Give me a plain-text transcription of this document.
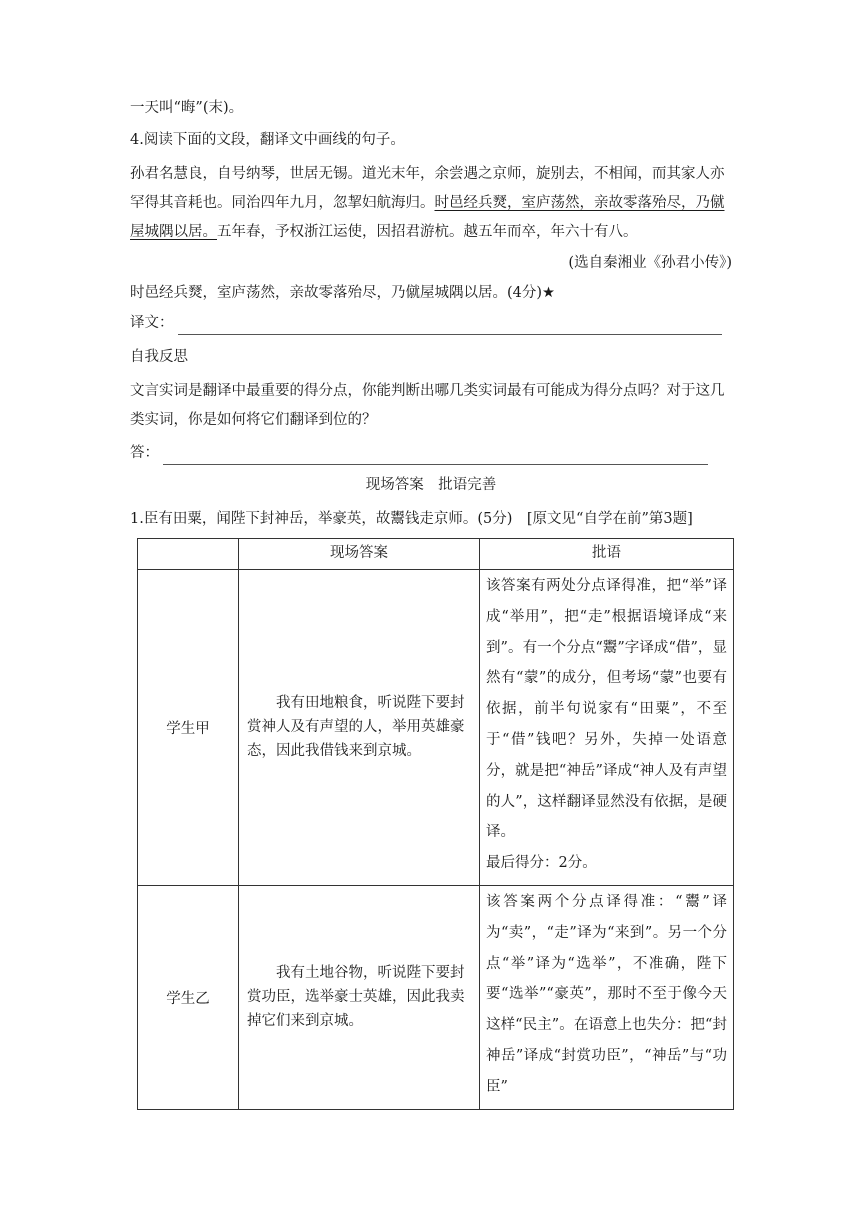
一天叫“晦”(末)。

4.阅读下面的文段，翻译文中画线的句子。

孙君名慧良，自号纳琴，世居无锡。道光末年，余尝遇之京师，旋别去，不相闻，而其家人亦罕得其音耗也。同治四年九月，忽挈妇航海归。时邑经兵燹，室庐荡然，亲故零落殆尽，乃僦屋城隅以居。五年春，予权浙江运使，因招君游杭。越五年而卒，年六十有八。

(选自秦湘业《孙君小传》)

时邑经兵燹，室庐荡然，亲故零落殆尽，乃僦屋城隅以居。(4分)★

译文：

自我反思

文言实词是翻译中最重要的得分点，你能判断出哪几类实词最有可能成为得分点吗？对于这几类实词，你是如何将它们翻译到位的？

答：

现场答案　批语完善

1.臣有田粟，闻陛下封神岳，举豪英，故鬻钱走京师。(5分)　[原文见“自学在前”第3题]

	现场答案	批语
学生甲	我有田地粮食，听说陛下要封赏神人及有声望的人，举用英雄豪态，因此我借钱来到京城。	该答案有两处分点译得准，把“举”译成“举用”，把“走”根据语境译成“来到”。有一个分点“鬻”字译成“借”，显然有“蒙”的成分，但考场“蒙”也要有依据，前半句说家有“田粟”，不至于“借”钱吧？另外，失掉一处语意分，就是把“神岳”译成“神人及有声望的人”，这样翻译显然没有依据，是硬译。

最后得分：2分。

学生乙	我有土地谷物，听说陛下要封赏功臣，选举豪士英雄，因此我卖掉它们来到京城。	该答案两个分点译得准：“鬻”译为“卖”，“走”译为“来到”。另一个分点“举”译为“选举”，不准确，陛下要“选举”“豪英”，那时不至于像今天这样“民主”。在语意上也失分：把“封神岳”译成“封赏功臣”，“神岳”与“功臣”
